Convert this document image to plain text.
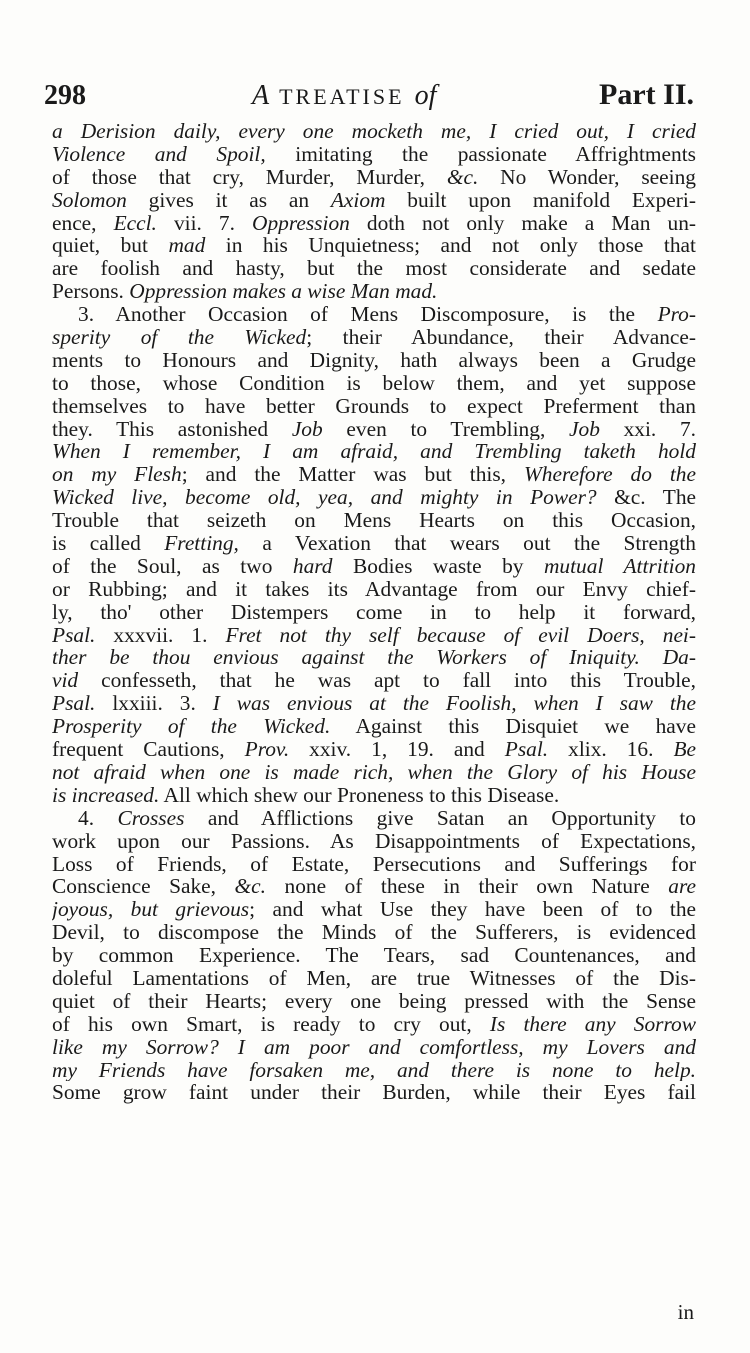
298	A TREATISE of	Part II.
a Derision daily, every one mocketh me, I cried out, I cried
Violence and Spoil, imitating the passionate Affrightments
of those that cry, Murder, Murder, &c. No Wonder, seeing
Solomon gives it as an Axiom built upon manifold Experi-
ence, Eccl. vii. 7. Oppression doth not only make a Man un-
quiet, but mad in his Unquietness; and not only those that
are foolish and hasty, but the most considerate and sedate
Persons. Oppression makes a wise Man mad.
3. Another Occasion of Mens Discomposure, is the Pro-
sperity of the Wicked; their Abundance, their Advance-
ments to Honours and Dignity, hath always been a Grudge
to those, whose Condition is below them, and yet suppose
themselves to have better Grounds to expect Preferment than
they. This astonished Job even to Trembling, Job xxi. 7.
When I remember, I am afraid, and Trembling taketh hold
on my Flesh; and the Matter was but this, Wherefore do the
Wicked live, become old, yea, and mighty in Power? &c. The
Trouble that seizeth on Mens Hearts on this Occasion,
is called Fretting, a Vexation that wears out the Strength
of the Soul, as two hard Bodies waste by mutual Attrition
or Rubbing; and it takes its Advantage from our Envy chief-
ly, tho' other Distempers come in to help it forward,
Psal. xxxvii. 1. Fret not thy self because of evil Doers, nei-
ther be thou envious against the Workers of Iniquity. Da-
vid confesseth, that he was apt to fall into this Trouble,
Psal. lxxiii. 3. I was envious at the Foolish, when I saw the
Prosperity of the Wicked. Against this Disquiet we have
frequent Cautions, Prov. xxiv. 1, 19. and Psal. xlix. 16. Be
not afraid when one is made rich, when the Glory of his House
is increased. All which shew our Proneness to this Disease.
4. Crosses and Afflictions give Satan an Opportunity to
work upon our Passions. As Disappointments of Expectations,
Loss of Friends, of Estate, Persecutions and Sufferings for
Conscience Sake, &c. none of these in their own Nature are
joyous, but grievous; and what Use they have been of to the
Devil, to discompose the Minds of the Sufferers, is evidenced
by common Experience. The Tears, sad Countenances, and
doleful Lamentations of Men, are true Witnesses of the Dis-
quiet of their Hearts; every one being pressed with the Sense
of his own Smart, is ready to cry out, Is there any Sorrow
like my Sorrow? I am poor and comfortless, my Lovers and
my Friends have forsaken me, and there is none to help.
Some grow faint under their Burden, while their Eyes fail
in
